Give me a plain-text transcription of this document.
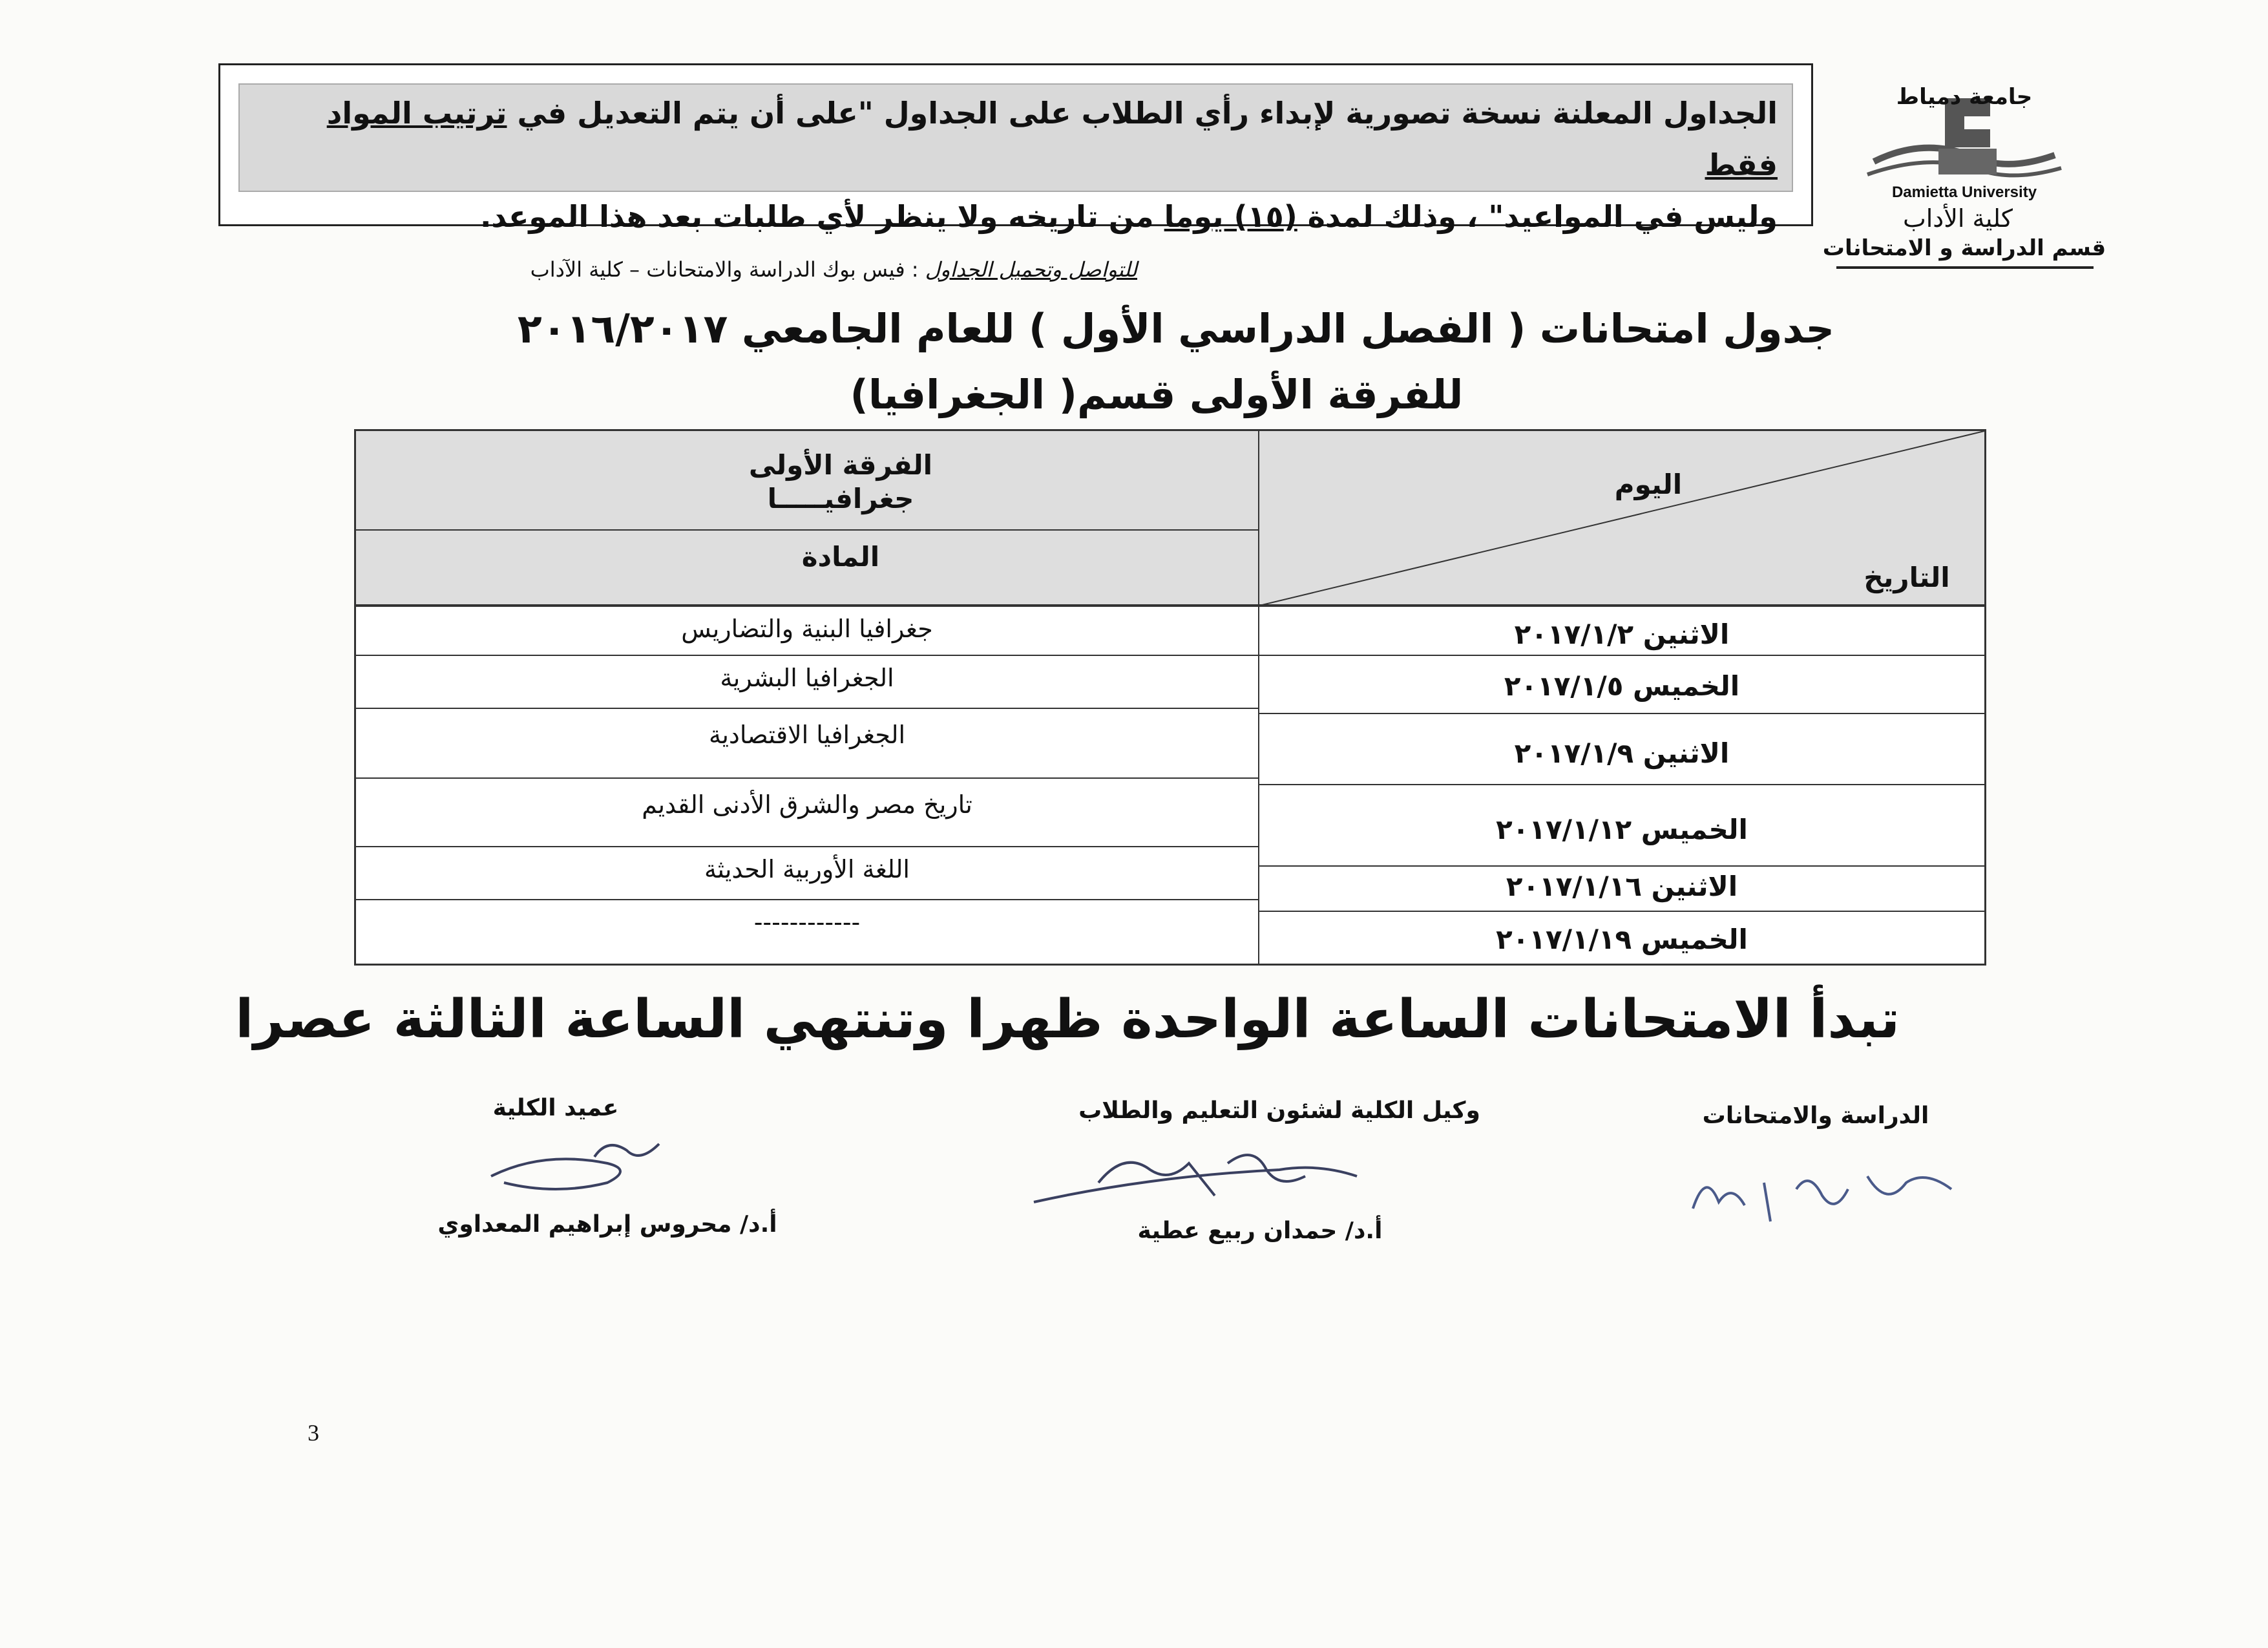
الجداول المعلنة نسخة تصورية لإبداء رأي الطلاب على الجداول "على أن يتم التعديل في ترتيب المواد فقط
وليس في المواعيد" ، وذلك لمدة (١٥) يوما من تاريخه ولا ينظر لأي طلبات بعد هذا الموعد.
جامعة دمياط
Damietta University
كلية الأداب
قسم الدراسة و الامتحانات
للتواصل وتحميل الجداول : فيس بوك الدراسة والامتحانات – كلية الآداب
جدول امتحانات ( الفصل الدراسي الأول ) للعام الجامعي ٢٠١٦/٢٠١٧
للفرقة الأولى قسم( الجغرافيا)
اليوم
التاريخ
الفرقة الأولى
جغرافيـــــا
المادة
الاثنين ٢٠١٧/١/٢
جغرافيا البنية والتضاريس
الخميس ٢٠١٧/١/٥
الجغرافيا البشرية
الاثنين ٢٠١٧/١/٩
الجغرافيا الاقتصادية
الخميس ٢٠١٧/١/١٢
تاريخ مصر والشرق الأدنى القديم
الاثنين ٢٠١٧/١/١٦
اللغة الأوربية الحديثة
الخميس ٢٠١٧/١/١٩
------------
تبدأ الامتحانات الساعة الواحدة ظهرا وتنتهي الساعة الثالثة عصرا
الدراسة والامتحانات
وكيل الكلية لشئون التعليم والطلاب
أ.د/ حمدان ربيع عطية
عميد الكلية
أ.د/ محروس إبراهيم المعداوي
3
